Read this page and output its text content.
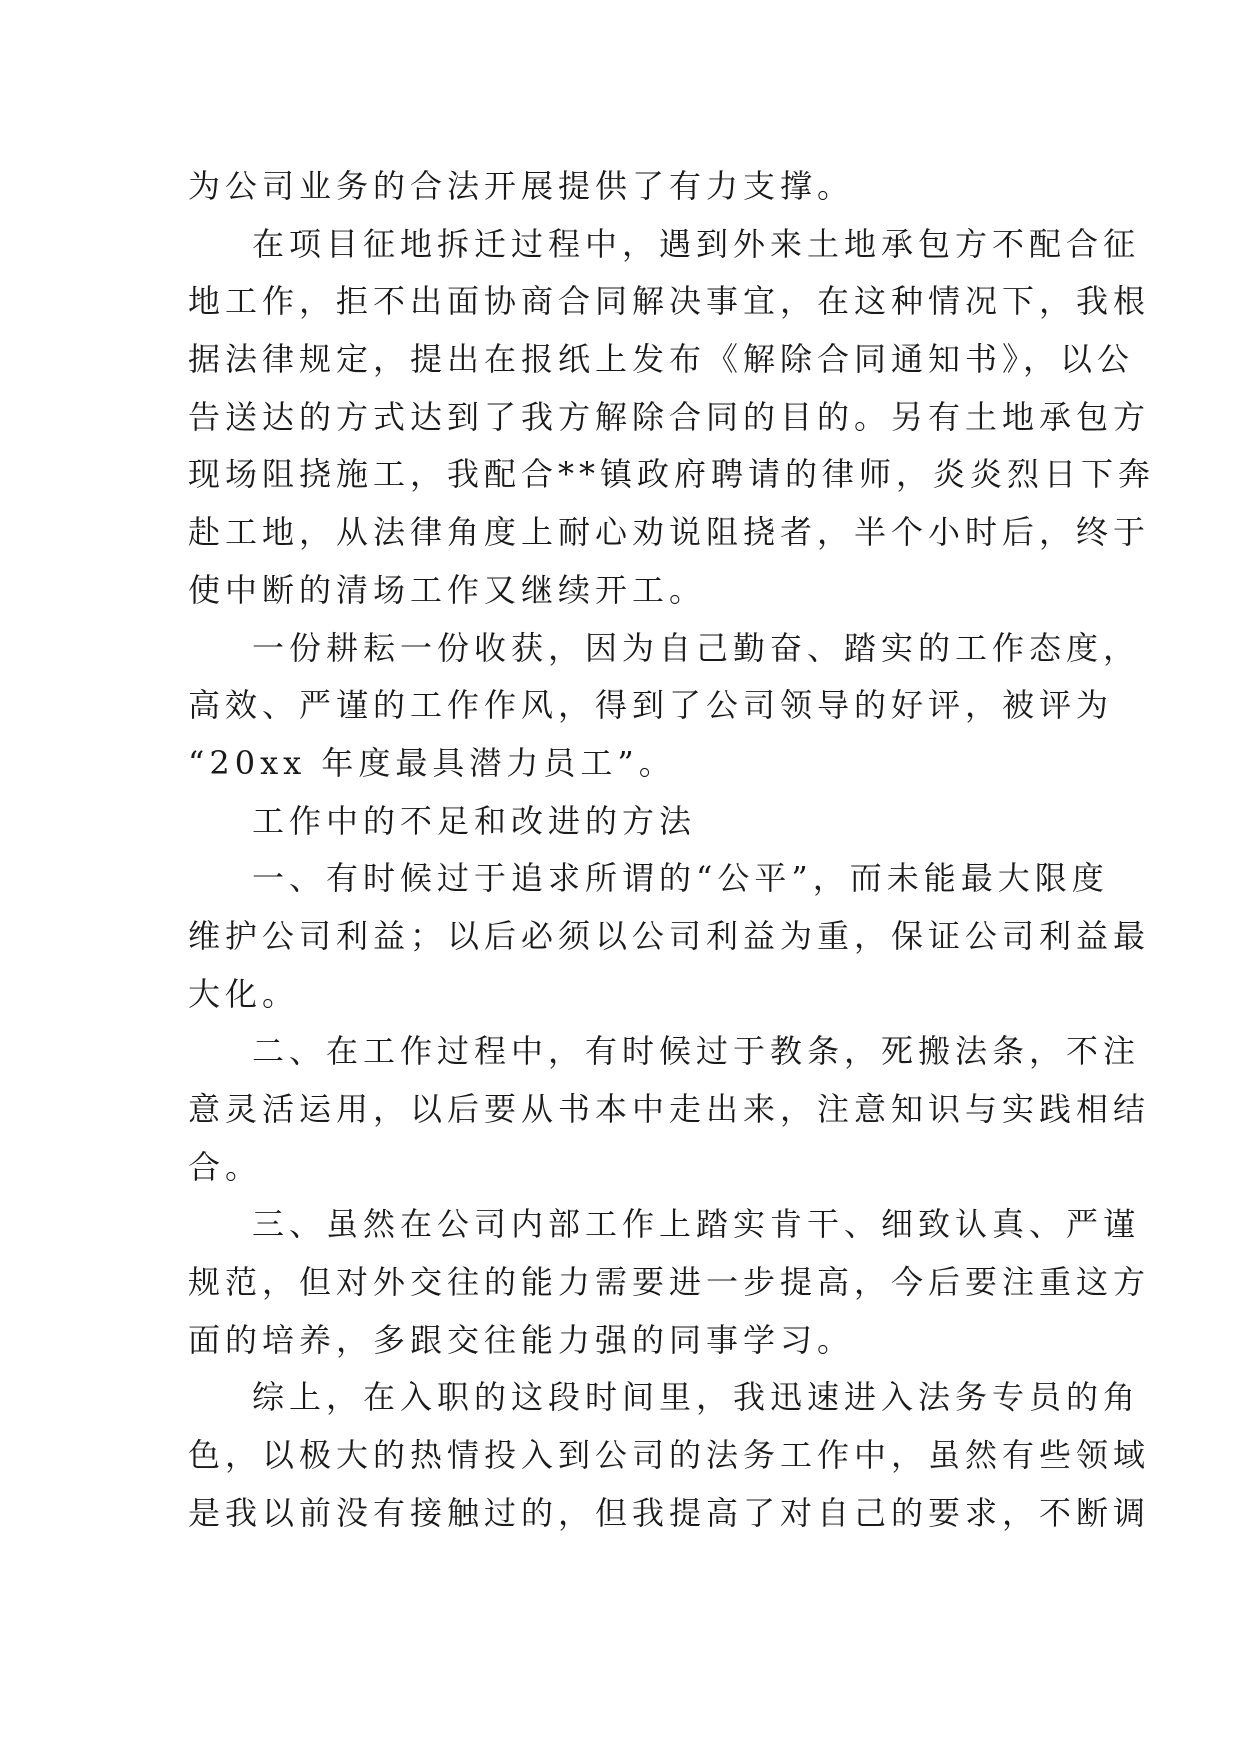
为公司业务的合法开展提供了有力支撑。
在项目征地拆迁过程中，遇到外来土地承包方不配合征
地工作，拒不出面协商合同解决事宜，在这种情况下，我根
据法律规定，提出在报纸上发布《解除合同通知书》，以公
告送达的方式达到了我方解除合同的目的。另有土地承包方
现场阻挠施工，我配合**镇政府聘请的律师，炎炎烈日下奔
赴工地，从法律角度上耐心劝说阻挠者，半个小时后，终于
使中断的清场工作又继续开工。
一份耕耘一份收获，因为自己勤奋、踏实的工作态度，
高效、严谨的工作作风，得到了公司领导的好评，被评为
“20xx 年度最具潜力员工”。
工作中的不足和改进的方法
一、有时候过于追求所谓的“公平”，而未能最大限度
维护公司利益；以后必须以公司利益为重，保证公司利益最
大化。
二、在工作过程中，有时候过于教条，死搬法条，不注
意灵活运用，以后要从书本中走出来，注意知识与实践相结
合。
三、虽然在公司内部工作上踏实肯干、细致认真、严谨
规范，但对外交往的能力需要进一步提高，今后要注重这方
面的培养，多跟交往能力强的同事学习。
综上，在入职的这段时间里，我迅速进入法务专员的角
色，以极大的热情投入到公司的法务工作中，虽然有些领域
是我以前没有接触过的，但我提高了对自己的要求，不断调
